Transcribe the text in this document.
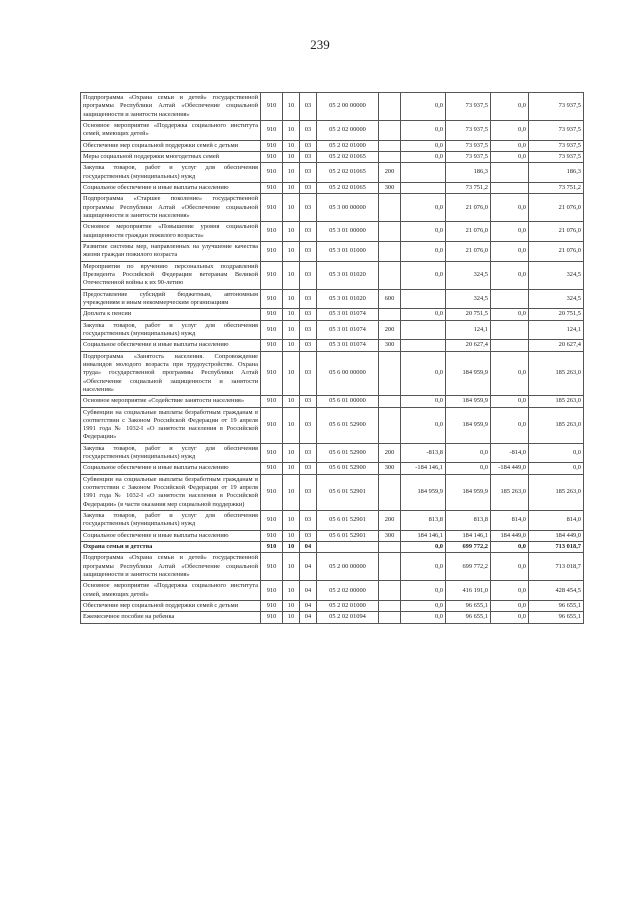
239
Подпрограмма «Охрана семьи и детей» государственной программы Республики Алтай «Обеспечение социальной защищенности и занятости населения»	910	10	03	05 2 00 00000		0,0	73 937,5	0,0	73 937,5
Основное мероприятие «Поддержка социального института семей, имеющих детей»	910	10	03	05 2 02 00000		0,0	73 937,5	0,0	73 937,5
Обеспечение мер социальной поддержки семей с детьми	910	10	03	05 2 02 01000		0,0	73 937,5	0,0	73 937,5
Меры социальной поддержки многодетных семей	910	10	03	05 2 02 01065		0,0	73 937,5	0,0	73 937,5
Закупка товаров, работ и услуг для обеспечения государственных (муниципальных) нужд	910	10	03	05 2 02 01065	200		186,3		186,3
Социальное обеспечение и иные выплаты населению	910	10	03	05 2 02 01065	300		73 751,2		73 751,2
Подпрограмма «Старшее поколение» государственной программы Республики Алтай «Обеспечение социальной защищенности и занятости населения»	910	10	03	05 3 00 00000		0,0	21 076,0	0,0	21 076,0
Основное мероприятие «Повышение уровня социальной защищенности граждан пожилого возраста»	910	10	03	05 3 01 00000		0,0	21 076,0	0,0	21 076,0
Развитие системы мер, направленных на улучшение качества жизни граждан пожилого возраста	910	10	03	05 3 01 01000		0,0	21 076,0	0,0	21 076,0
Мероприятия по вручению персональных поздравлений Президента Российской Федерации ветеранам Великой Отечественной войны к их 90-летию	910	10	03	05 3 01 01020		0,0	324,5	0,0	324,5
Предоставление субсидий бюджетным, автономным учреждениям и иным некоммерческим организациям	910	10	03	05 3 01 01020	600		324,5		324,5
Доплата к пенсии	910	10	03	05 3 01 01074		0,0	20 751,5	0,0	20 751,5
Закупка товаров, работ и услуг для обеспечения государственных (муниципальных) нужд	910	10	03	05 3 01 01074	200		124,1		124,1
Социальное обеспечение и иные выплаты населению	910	10	03	05 3 01 01074	300		20 627,4		20 627,4
Подпрограмма «Занятость населения. Сопровождение инвалидов молодого возраста при трудоустройстве. Охрана труда» государственной программы Республики Алтай «Обеспечение социальной защищенности и занятости населения»	910	10	03	05 6 00 00000		0,0	184 959,9	0,0	185 263,0
Основное мероприятие «Содействие занятости населения»	910	10	03	05 6 01 00000		0,0	184 959,9	0,0	185 263,0
Субвенции на социальные выплаты безработным гражданам в соответствии с Законом Российской Федерации от 19 апреля 1991 года № 1032-I «О занятости населения в Российской Федерации»	910	10	03	05 6 01 52900		0,0	184 959,9	0,0	185 263,0
Закупка товаров, работ и услуг для обеспечения государственных (муниципальных) нужд	910	10	03	05 6 01 52900	200	-813,8	0,0	-814,0	0,0
Социальное обеспечение и иные выплаты населению	910	10	03	05 6 01 52900	300	-184 146,1	0,0	-184 449,0	0,0
Субвенции на социальные выплаты безработным гражданам в соответствии с Законом Российской Федерации от 19 апреля 1991 года № 1032-I «О занятости населения в Российской Федерации» (в части оказания мер социальной поддержки)	910	10	03	05 6 01 52901		184 959,9	184 959,9	185 263,0	185 263,0
Закупка товаров, работ и услуг для обеспечения государственных (муниципальных) нужд	910	10	03	05 6 01 52901	200	813,8	813,8	814,0	814,0
Социальное обеспечение и иные выплаты населению	910	10	03	05 6 01 52901	300	184 146,1	184 146,1	184 449,0	184 449,0
Охрана семьи и детства	910	10	04			0,0	699 772,2	0,0	713 018,7
Подпрограмма «Охрана семьи и детей» государственной программы Республики Алтай «Обеспечение социальной защищенности и занятости населения»	910	10	04	05 2 00 00000		0,0	699 772,2	0,0	713 018,7
Основное мероприятие «Поддержка социального института семей, имеющих детей»	910	10	04	05 2 02 00000		0,0	416 191,0	0,0	428 454,5
Обеспечение мер социальной поддержки семей с детьми	910	10	04	05 2 02 01000		0,0	96 655,1	0,0	96 655,1
Ежемесячное пособие на ребенка	910	10	04	05 2 02 01094		0,0	96 655,1	0,0	96 655,1
